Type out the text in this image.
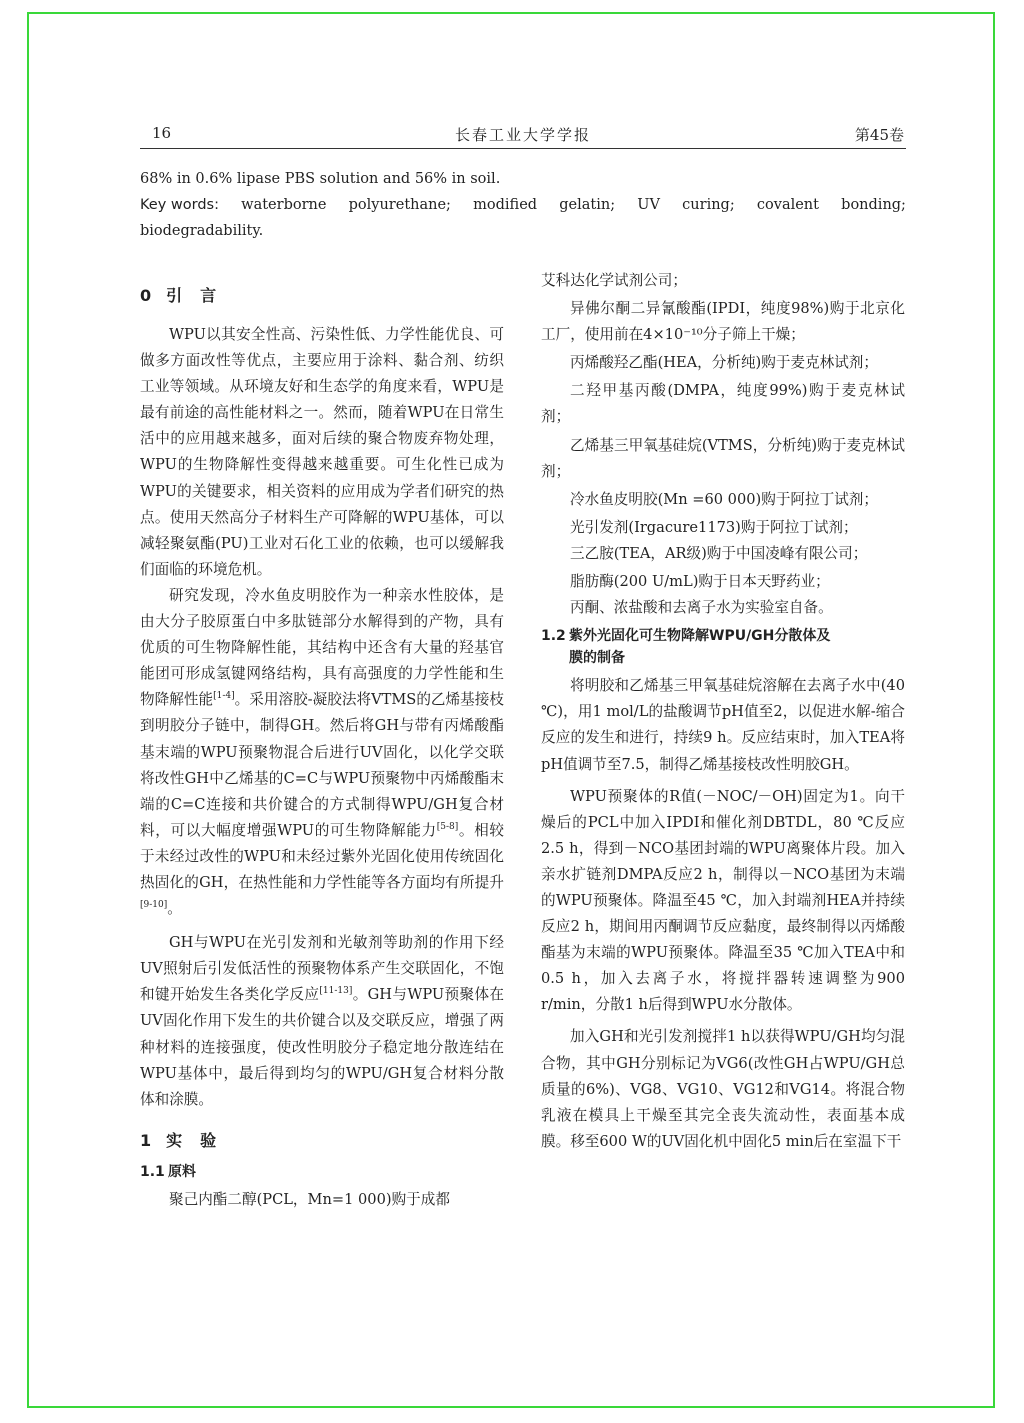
16	长春工业大学学报	第45卷

68% in 0.6% lipase PBS solution and 56% in soil.

Key words: waterborne polyurethane; modified gelatin; UV curing; covalent bonding;

biodegradability.

0 引　言

WPU以其安全性高、污染性低、力学性能优良、可做多方面改性等优点，主要应用于涂料、黏合剂、纺织工业等领域。从环境友好和生态学的角度来看，WPU是最有前途的高性能材料之一。然而，随着WPU在日常生活中的应用越来越多，面对后续的聚合物废弃物处理，WPU的生物降解性变得越来越重要。可生化性已成为WPU的关键要求，相关资料的应用成为学者们研究的热点。使用天然高分子材料生产可降解的WPU基体，可以减轻聚氨酯(PU)工业对石化工业的依赖，也可以缓解我们面临的环境危机。

研究发现，冷水鱼皮明胶作为一种亲水性胶体，是由大分子胶原蛋白中多肽链部分水解得到的产物，具有优质的可生物降解性能，其结构中还含有大量的羟基官能团可形成氢键网络结构，具有高强度的力学性能和生物降解性能[1-4]。采用溶胶-凝胶法将VTMS的乙烯基接枝到明胶分子链中，制得GH。然后将GH与带有丙烯酸酯基末端的WPU预聚物混合后进行UV固化，以化学交联将改性GH中乙烯基的C=C与WPU预聚物中丙烯酸酯末端的C=C连接和共价键合的方式制得WPU/GH复合材料，可以大幅度增强WPU的可生物降解能力[5-8]。相较于未经过改性的WPU和未经过紫外光固化使用传统固化热固化的GH，在热性能和力学性能等各方面均有所提升[9-10]。

GH与WPU在光引发剂和光敏剂等助剂的作用下经UV照射后引发低活性的预聚物体系产生交联固化，不饱和键开始发生各类化学反应[11-13]。GH与WPU预聚体在UV固化作用下发生的共价键合以及交联反应，增强了两种材料的连接强度，使改性明胶分子稳定地分散连结在WPU基体中，最后得到均匀的WPU/GH复合材料分散体和涂膜。

1 实　验
1.1 原料

聚己内酯二醇(PCL，Mn=1 000)购于成都

艾科达化学试剂公司；

异佛尔酮二异氰酸酯(IPDI，纯度98%)购于北京化工厂，使用前在4×10⁻¹⁰分子筛上干燥；

丙烯酸羟乙酯(HEA，分析纯)购于麦克林试剂；

二羟甲基丙酸(DMPA，纯度99%)购于麦克林试剂；

乙烯基三甲氧基硅烷(VTMS，分析纯)购于麦克林试剂；

冷水鱼皮明胶(Mn =60 000)购于阿拉丁试剂；

光引发剂(Irgacure1173)购于阿拉丁试剂；

三乙胺(TEA，AR级)购于中国凌峰有限公司；

脂肪酶(200 U/mL)购于日本天野药业；

丙酮、浓盐酸和去离子水为实验室自备。

1.2 紫外光固化可生物降解WPU/GH分散体及
膜的制备

将明胶和乙烯基三甲氧基硅烷溶解在去离子水中(40 ℃)，用1 mol/L的盐酸调节pH值至2，以促进水解-缩合反应的发生和进行，持续9 h。反应结束时，加入TEA将pH值调节至7.5，制得乙烯基接枝改性明胶GH。

WPU预聚体的R值(－NOC/－OH)固定为1。向干燥后的PCL中加入IPDI和催化剂DBTDL，80 ℃反应2.5 h，得到－NCO基团封端的WPU离聚体片段。加入亲水扩链剂DMPA反应2 h，制得以－NCO基团为末端的WPU预聚体。降温至45 ℃，加入封端剂HEA并持续反应2 h，期间用丙酮调节反应黏度，最终制得以丙烯酸酯基为末端的WPU预聚体。降温至35 ℃加入TEA中和0.5 h，加入去离子水，将搅拌器转速调整为900 r/min，分散1 h后得到WPU水分散体。

加入GH和光引发剂搅拌1 h以获得WPU/GH均匀混合物，其中GH分别标记为VG6(改性GH占WPU/GH总质量的6%)、VG8、VG10、VG12和VG14。将混合物乳液在模具上干燥至其完全丧失流动性，表面基本成膜。移至600 W的UV固化机中固化5 min后在室温下干
